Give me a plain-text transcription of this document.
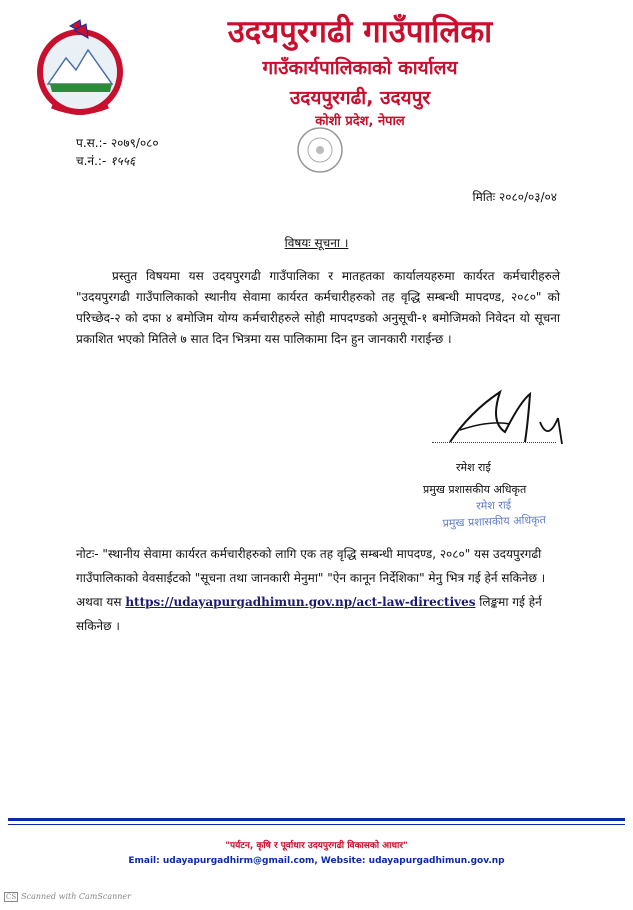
उदयपुरगढी गाउँपालिका
गाउँकार्यपालिकाको कार्यालय
उदयपुरगढी, उदयपुर
कोशी प्रदेश, नेपाल
प.स.:- २०७९/०८०
च.नं.:- १५५६
मितिः २०८०/०३/०४
विषयः सूचना ।
प्रस्तुत विषयमा यस उदयपुरगढी गाउँपालिका र मातहतका कार्यालयहरुमा कार्यरत कर्मचारीहरुले "उदयपुरगढी गाउँपालिकाको स्थानीय सेवामा कार्यरत कर्मचारीहरुको तह वृद्धि सम्बन्धी मापदण्ड, २०८०" को परिच्छेद-२ को दफा ४ बमोजिम योग्य कर्मचारीहरुले सोही मापदण्डको अनुसूची-१ बमोजिमको निवेदन यो सूचना प्रकाशित भएको मितिले ७ सात दिन भित्रमा यस पालिकामा दिन हुन जानकारी गराईन्छ ।
रमेश राई
प्रमुख प्रशासकीय अधिकृत
रमेश राई
प्रमुख प्रशासकीय अधिकृत
नोटः- "स्थानीय सेवामा कार्यरत कर्मचारीहरुको लागि एक तह वृद्धि सम्बन्धी मापदण्ड, २०८०" यस उदयपुरगढी गाउँपालिकाको वेवसाईटको "सूचना तथा जानकारी मेनुमा" "ऐन कानून निर्देशिका" मेनु भित्र गई हेर्न सकिनेछ । अथवा यस https://udayapurgadhimun.gov.np/act-law-directives लिङ्कमा गई हेर्न सकिनेछ ।
"पर्यटन, कृषि र पूर्वाधार उदयपुरगढी विकासको आधार"
Email: udayapurgadhirm@gmail.com, Website: udayapurgadhimun.gov.np
CS Scanned with CamScanner
